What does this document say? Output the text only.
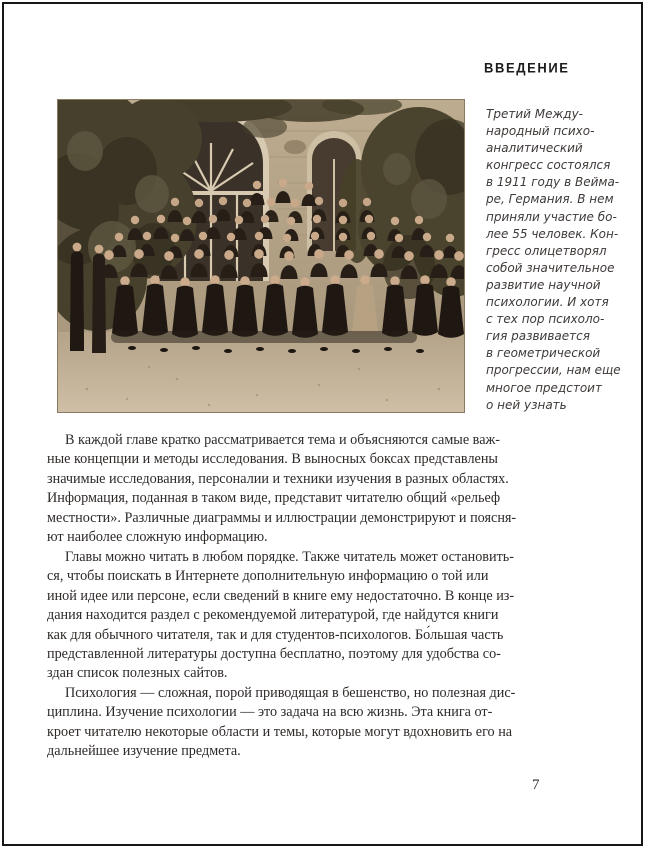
ВВЕДЕНИЕ
Третий Между-
народный психо-
аналитический
конгресс состоялся
в 1911 году в Вейма-
ре, Германия. В нем
приняли участие бо-
лее 55 человек. Кон-
гресс олицетворял
собой значительное
развитие научной
психологии. И хотя
с тех пор психоло-
гия развивается
в геометрической
прогрессии, нам еще
многое предстоит
о ней узнать
В каждой главе кратко рассматривается тема и объясняются самые важ-
ные концепции и методы исследования. В выносных боксах представлены
значимые исследования, персоналии и техники изучения в разных областях.
Информация, поданная в таком виде, представит читателю общий «рельеф
местности». Различные диаграммы и иллюстрации демонстрируют и поясня-
ют наиболее сложную информацию.
Главы можно читать в любом порядке. Также читатель может остановить-
ся, чтобы поискать в Интернете дополнительную информацию о той или
иной идее или персоне, если сведений в книге ему недостаточно. В конце из-
дания находится раздел с рекомендуемой литературой, где найдутся книги
как для обычного читателя, так и для студентов-психологов. Бо́льшая часть
представленной литературы доступна бесплатно, поэтому для удобства со-
здан список полезных сайтов.
Психология — сложная, порой приводящая в бешенство, но полезная дис-
циплина. Изучение психологии — это задача на всю жизнь. Эта книга от-
кроет читателю некоторые области и темы, которые могут вдохновить его на
дальнейшее изучение предмета.
7
